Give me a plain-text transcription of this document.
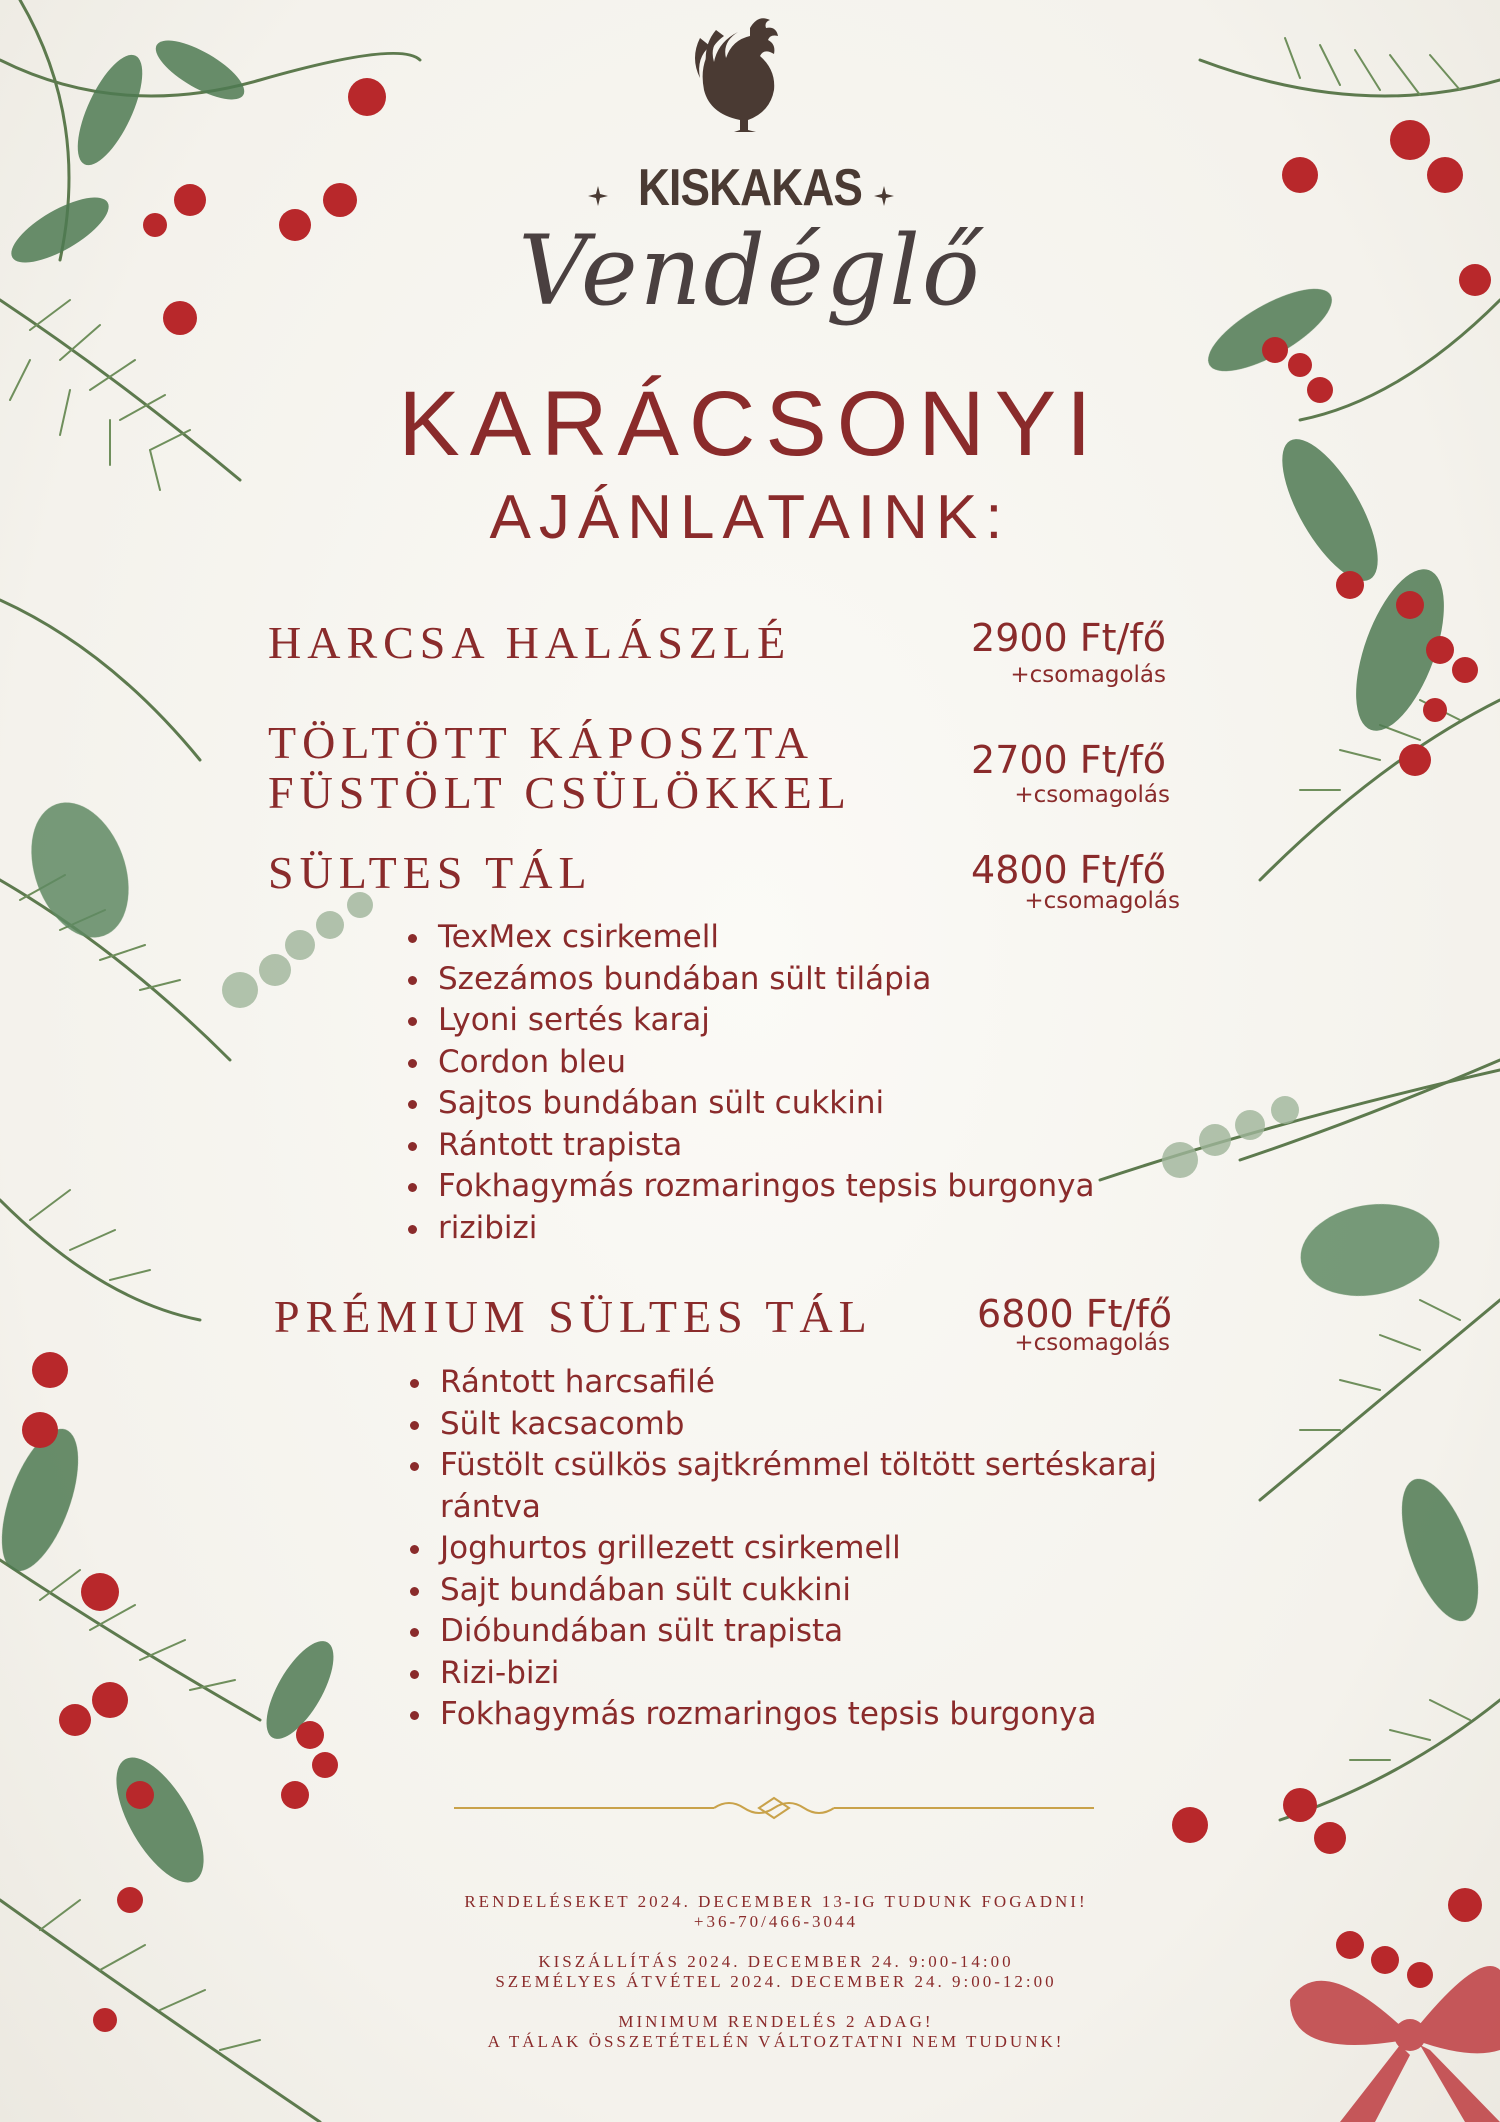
KISKAKAS
Vendéglő
KARÁCSONYI
AJÁNLATAINK:
HARCSA HALÁSZLÉ	2900 Ft/fő
+csomagolás
TÖLTÖTT KÁPOSZTA
FÜSTÖLT CSÜLÖKKEL
2700 Ft/fő
+csomagolás
SÜLTES TÁL	4800 Ft/fő
+csomagolás
TexMex csirkemell
Szezámos bundában sült tilápia
Lyoni sertés karaj
Cordon bleu
Sajtos bundában sült cukkini
Rántott trapista
Fokhagymás rozmaringos tepsis burgonya
rizibizi
PRÉMIUM SÜLTES TÁL	6800 Ft/fő
+csomagolás
Rántott harcsafilé
Sült kacsacomb
Füstölt csülkös sajtkrémmel töltött sertéskaraj
rántva
Joghurtos grillezett csirkemell
Sajt bundában sült cukkini
Dióbundában sült trapista
Rizi-bizi
Fokhagymás rozmaringos tepsis burgonya
RENDELÉSEKET 2024. DECEMBER 13-IG TUDUNK FOGADNI!
+36-70/466-3044
KISZÁLLÍTÁS 2024. DECEMBER 24. 9:00-14:00
SZEMÉLYES ÁTVÉTEL 2024. DECEMBER 24. 9:00-12:00
MINIMUM RENDELÉS 2 ADAG!
A TÁLAK ÖSSZETÉTELÉN VÁLTOZTATNI NEM TUDUNK!
